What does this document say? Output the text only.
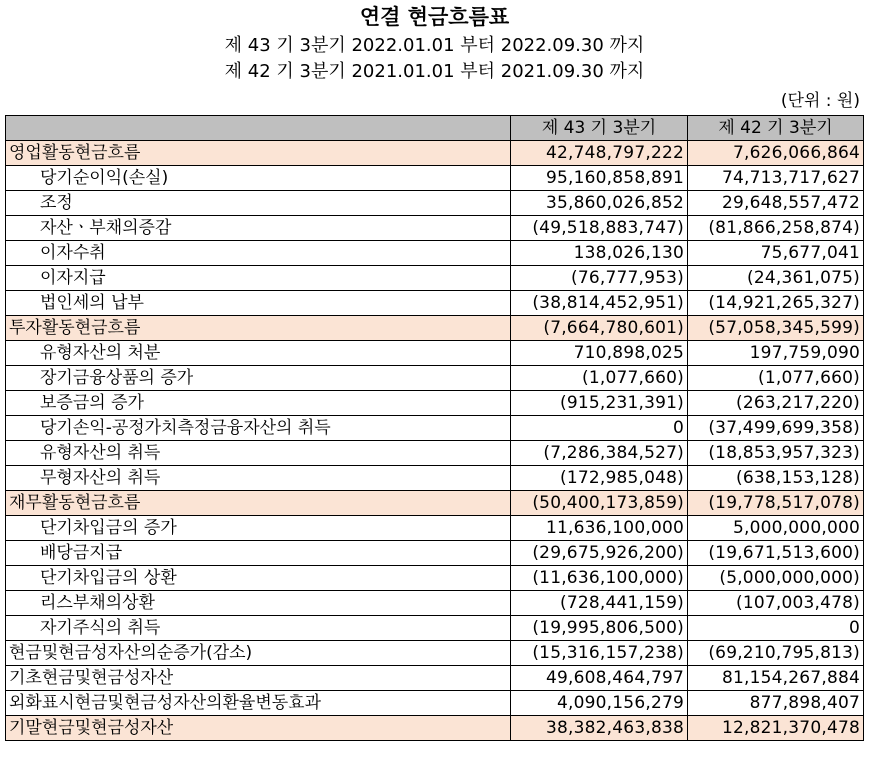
연결 현금흐름표
제 43 기 3분기 2022.01.01 부터 2022.09.30 까지
제 42 기 3분기 2021.01.01 부터 2021.09.30 까지
(단위 : 원)
	제 43 기 3분기	제 42 기 3분기
영업활동현금흐름	42,748,797,222	7,626,066,864
당기순이익(손실)	95,160,858,891	74,713,717,627
조정	35,860,026,852	29,648,557,472
자산ㆍ부채의증감	(49,518,883,747)	(81,866,258,874)
이자수취	138,026,130	75,677,041
이자지급	(76,777,953)	(24,361,075)
법인세의 납부	(38,814,452,951)	(14,921,265,327)
투자활동현금흐름	(7,664,780,601)	(57,058,345,599)
유형자산의 처분	710,898,025	197,759,090
장기금융상품의 증가	(1,077,660)	(1,077,660)
보증금의 증가	(915,231,391)	(263,217,220)
당기손익-공정가치측정금융자산의 취득	0	(37,499,699,358)
유형자산의 취득	(7,286,384,527)	(18,853,957,323)
무형자산의 취득	(172,985,048)	(638,153,128)
재무활동현금흐름	(50,400,173,859)	(19,778,517,078)
단기차입금의 증가	11,636,100,000	5,000,000,000
배당금지급	(29,675,926,200)	(19,671,513,600)
단기차입금의 상환	(11,636,100,000)	(5,000,000,000)
리스부채의상환	(728,441,159)	(107,003,478)
자기주식의 취득	(19,995,806,500)	0
현금및현금성자산의순증가(감소)	(15,316,157,238)	(69,210,795,813)
기초현금및현금성자산	49,608,464,797	81,154,267,884
외화표시현금및현금성자산의환율변동효과	4,090,156,279	877,898,407
기말현금및현금성자산	38,382,463,838	12,821,370,478
